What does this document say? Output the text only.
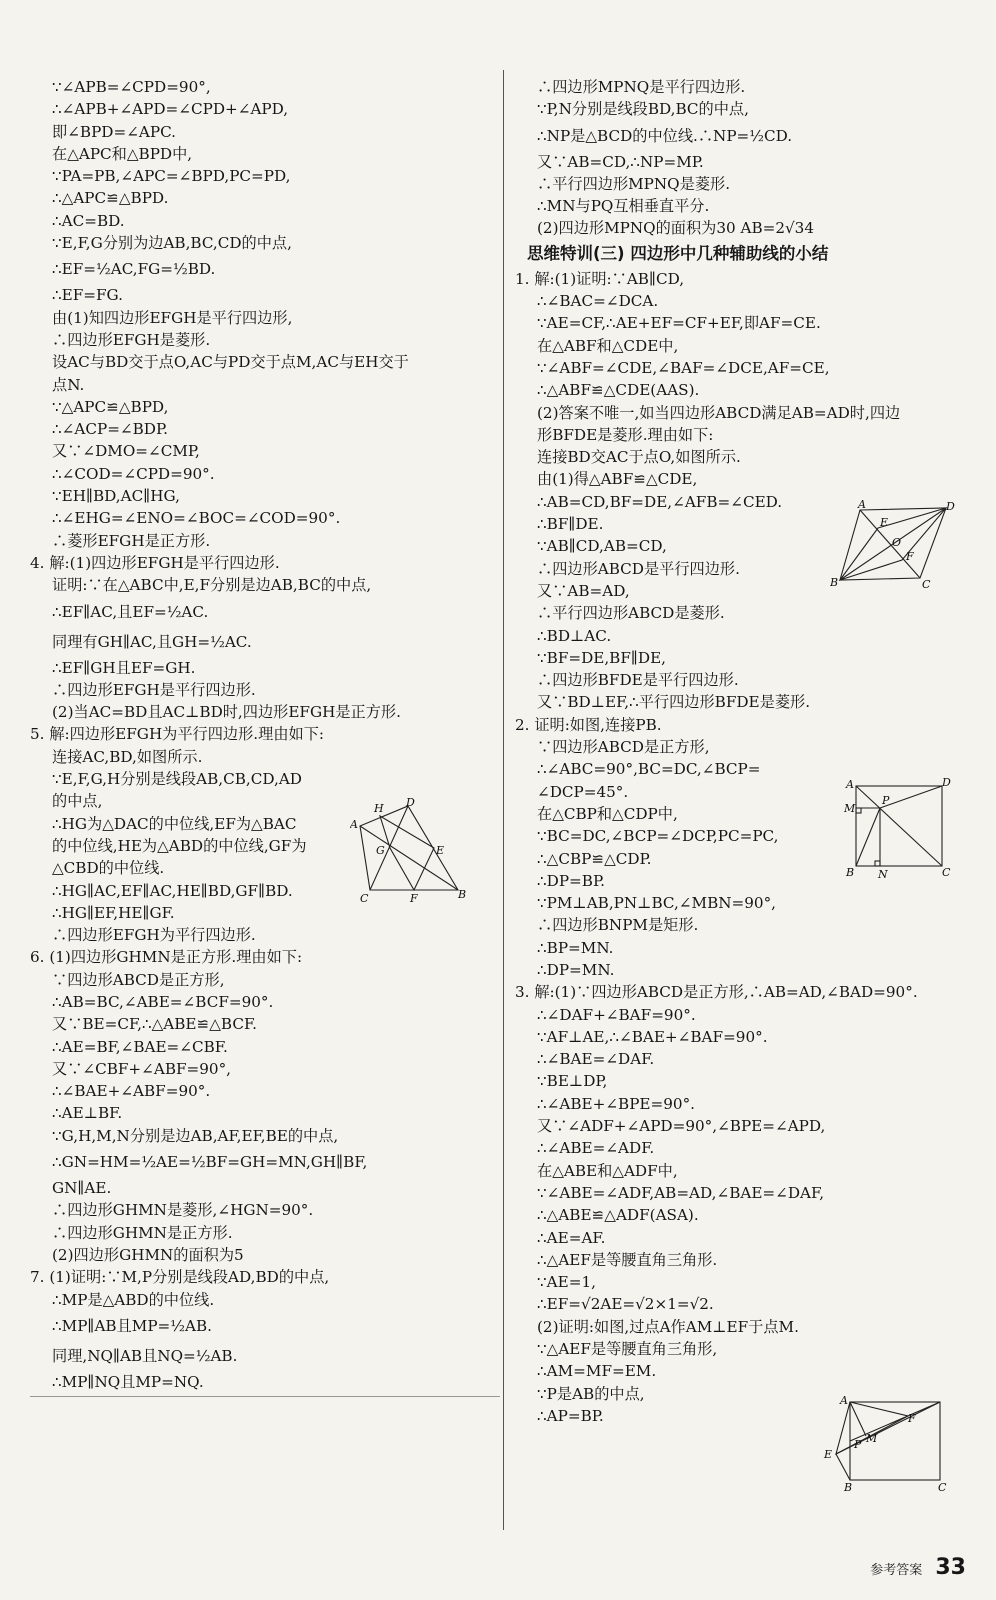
∵∠APB=∠CPD=90°,
∴∠APB+∠APD=∠CPD+∠APD,
即∠BPD=∠APC.
在△APC和△BPD中,
∵PA=PB,∠APC=∠BPD,PC=PD,
∴△APC≌△BPD.
∴AC=BD.
∵E,F,G分别为边AB,BC,CD的中点,
∴EF=½AC,FG=½BD.
∴EF=FG.
由(1)知四边形EFGH是平行四边形,
∴四边形EFGH是菱形.
设AC与BD交于点O,AC与PD交于点M,AC与EH交于
点N.
∵△APC≌△BPD,
∴∠ACP=∠BDP.
又∵∠DMO=∠CMP,
∴∠COD=∠CPD=90°.
∵EH∥BD,AC∥HG,
∴∠EHG=∠ENO=∠BOC=∠COD=90°.
∴菱形EFGH是正方形.
4. 解:(1)四边形EFGH是平行四边形.
证明:∵在△ABC中,E,F分别是边AB,BC的中点,
∴EF∥AC,且EF=½AC.
同理有GH∥AC,且GH=½AC.
∴EF∥GH且EF=GH.
∴四边形EFGH是平行四边形.
(2)当AC=BD且AC⊥BD时,四边形EFGH是正方形.
5. 解:四边形EFGH为平行四边形.理由如下:
连接AC,BD,如图所示.
∵E,F,G,H分别是线段AB,CB,CD,AD
的中点,
∴HG为△DAC的中位线,EF为△BAC
的中位线,HE为△ABD的中位线,GF为
△CBD的中位线.
∴HG∥AC,EF∥AC,HE∥BD,GF∥BD.
∴HG∥EF,HE∥GF.
∴四边形EFGH为平行四边形.
6. (1)四边形GHMN是正方形.理由如下:
∵四边形ABCD是正方形,
∴AB=BC,∠ABE=∠BCF=90°.
又∵BE=CF,∴△ABE≌△BCF.
∴AE=BF,∠BAE=∠CBF.
又∵∠CBF+∠ABF=90°,
∴∠BAE+∠ABF=90°.
∴AE⊥BF.
∵G,H,M,N分别是边AB,AF,EF,BE的中点,
∴GN=HM=½AE=½BF=GH=MN,GH∥BF,
GN∥AE.
∴四边形GHMN是菱形,∠HGN=90°.
∴四边形GHMN是正方形.
(2)四边形GHMN的面积为5
7. (1)证明:∵M,P分别是线段AD,BD的中点,
∴MP是△ABD的中位线.
∴MP∥AB且MP=½AB.
同理,NQ∥AB且NQ=½AB.
∴MP∥NQ且MP=NQ.
∴四边形MPNQ是平行四边形.
∵P,N分别是线段BD,BC的中点,
∴NP是△BCD的中位线.∴NP=½CD.
又∵AB=CD,∴NP=MP.
∴平行四边形MPNQ是菱形.
∴MN与PQ互相垂直平分.
(2)四边形MPNQ的面积为30 AB=2√34
思维特训(三) 四边形中几种辅助线的小结
1. 解:(1)证明:∵AB∥CD,
∴∠BAC=∠DCA.
∵AE=CF,∴AE+EF=CF+EF,即AF=CE.
在△ABF和△CDE中,
∵∠ABF=∠CDE,∠BAF=∠DCE,AF=CE,
∴△ABF≌△CDE(AAS).
(2)答案不唯一,如当四边形ABCD满足AB=AD时,四边
形BFDE是菱形.理由如下:
连接BD交AC于点O,如图所示.
由(1)得△ABF≌△CDE,
∴AB=CD,BF=DE,∠AFB=∠CED.
∴BF∥DE.
∵AB∥CD,AB=CD,
∴四边形ABCD是平行四边形.
又∵AB=AD,
∴平行四边形ABCD是菱形.
∴BD⊥AC.
∵BF=DE,BF∥DE,
∴四边形BFDE是平行四边形.
又∵BD⊥EF,∴平行四边形BFDE是菱形.
2. 证明:如图,连接PB.
∵四边形ABCD是正方形,
∴∠ABC=90°,BC=DC,∠BCP=
∠DCP=45°.
在△CBP和△CDP中,
∵BC=DC,∠BCP=∠DCP,PC=PC,
∴△CBP≌△CDP.
∴DP=BP.
∵PM⊥AB,PN⊥BC,∠MBN=90°,
∴四边形BNPM是矩形.
∴BP=MN.
∴DP=MN.
3. 解:(1)∵四边形ABCD是正方形,∴AB=AD,∠BAD=90°.
∴∠DAF+∠BAF=90°.
∵AF⊥AE,∴∠BAE+∠BAF=90°.
∴∠BAE=∠DAF.
∵BE⊥DP,
∴∠ABE+∠BPE=90°.
又∵∠ADF+∠APD=90°,∠BPE=∠APD,
∴∠ABE=∠ADF.
在△ABE和△ADF中,
∵∠ABE=∠ADF,AB=AD,∠BAE=∠DAF,
∴△ABE≌△ADF(ASA).
∴AE=AF.
∴△AEF是等腰直角三角形.
∵AE=1,
∴EF=√2AE=√2×1=√2.
(2)证明:如图,过点A作AM⊥EF于点M.
∵△AEF是等腰直角三角形,
∴AM=MF=EM.
∵P是AB的中点,
∴AP=BP.
A
H D
G	E
C	F	B
A	D
E
O
F
B	C
A	D
M
P
B N	C
A
F
M
P
E
B	C
参考答案 33
